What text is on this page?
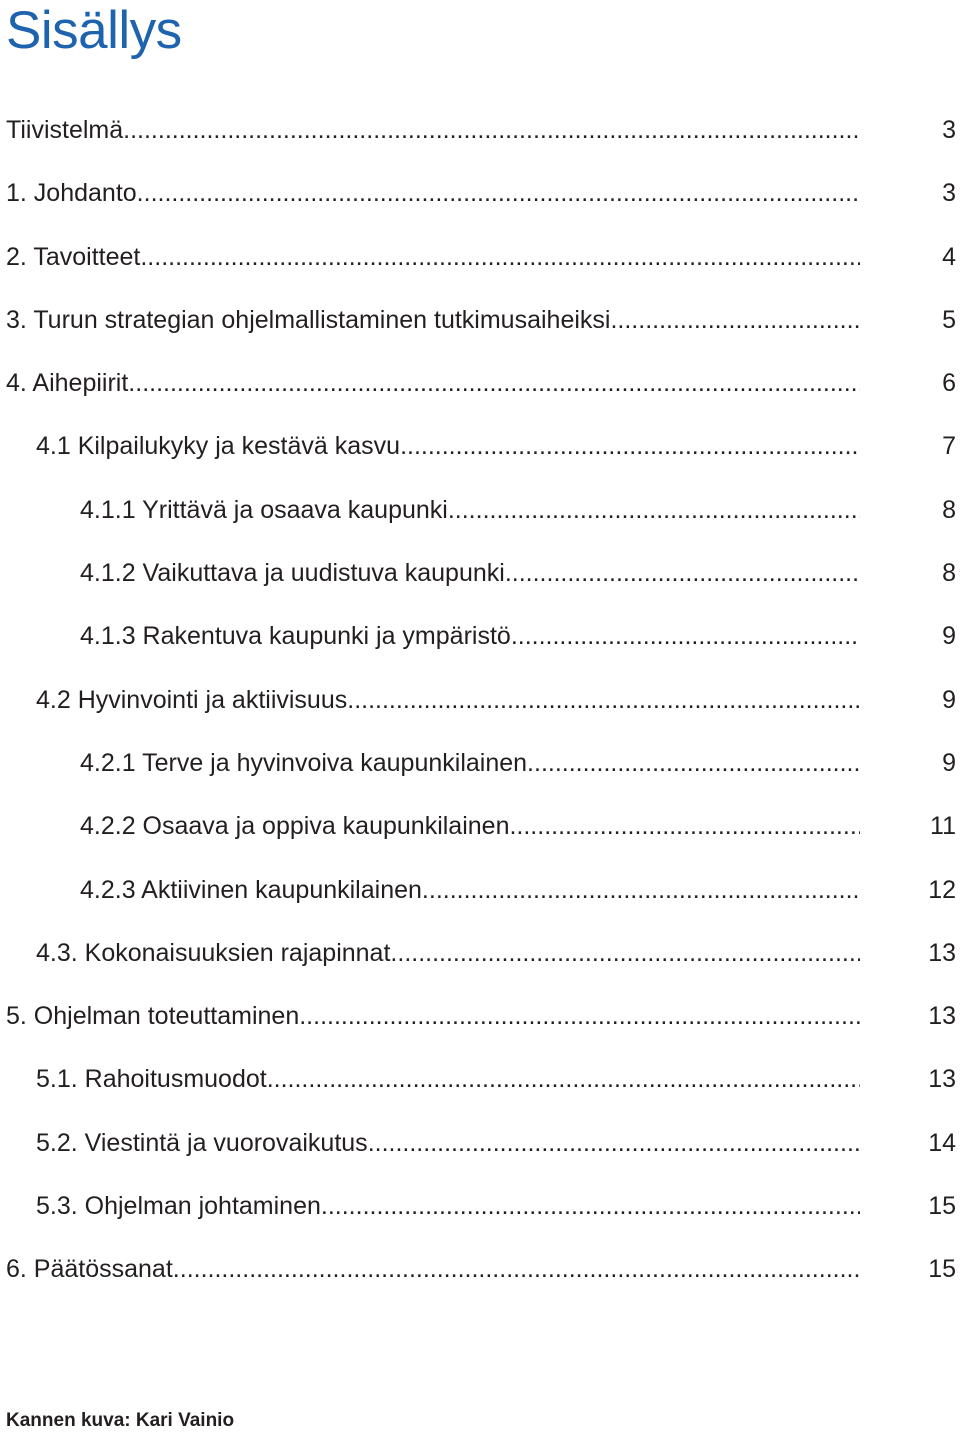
Sisällys
Tiivistelmä .....	3
1. Johdanto .....	3
2. Tavoitteet .....	4
3. Turun strategian ohjelmallistaminen tutkimusaiheiksi .....	5
4. Aihepiirit .....	6
4.1 Kilpailukyky ja kestävä kasvu .....	7
4.1.1 Yrittävä ja osaava kaupunki .....	8
4.1.2 Vaikuttava ja uudistuva kaupunki .....	8
4.1.3 Rakentuva kaupunki ja ympäristö .....	9
4.2 Hyvinvointi ja aktiivisuus .....	9
4.2.1 Terve ja hyvinvoiva kaupunkilainen .....	9
4.2.2 Osaava ja oppiva kaupunkilainen .....	11
4.2.3 Aktiivinen kaupunkilainen .....	12
4.3. Kokonaisuuksien rajapinnat .....	13
5. Ohjelman toteuttaminen .....	13
5.1. Rahoitusmuodot .....	13
5.2. Viestintä ja vuorovaikutus .....	14
5.3. Ohjelman johtaminen .....	15
6. Päätössanat .....	15
Kannen kuva: Kari Vainio
